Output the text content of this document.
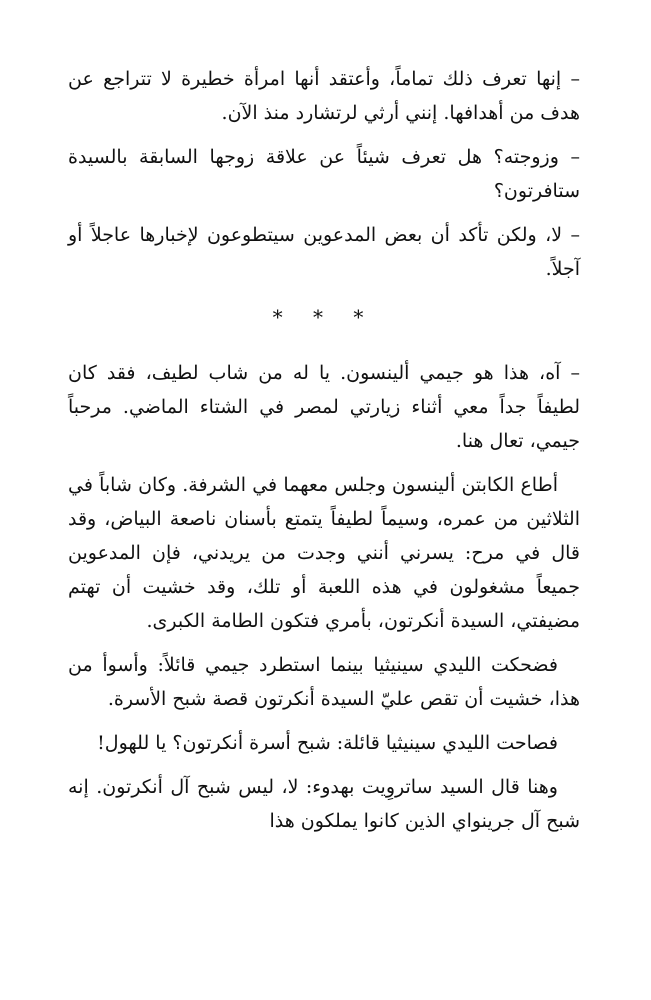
– إنها تعرف ذلك تماماً، وأعتقد أنها امرأة خطيرة لا تتراجع عن هدف من أهدافها. إنني أرثي لرتشارد منذ الآن.

– وزوجته؟ هل تعرف شيئاً عن علاقة زوجها السابقة بالسيدة ستافرتون؟

– لا، ولكن تأكد أن بعض المدعوين سيتطوعون لإخبارها عاجلاً أو آجلاً.

* * *

– آه، هذا هو جيمي ألينسون. يا له من شاب لطيف، فقد كان لطيفاً جداً معي أثناء زيارتي لمصر في الشتاء الماضي. مرحباً جيمي، تعال هنا.

أطاع الكابتن ألينسون وجلس معهما في الشرفة. وكان شاباً في الثلاثين من عمره، وسيماً لطيفاً يتمتع بأسنان ناصعة البياض، وقد قال في مرح: يسرني أنني وجدت من يريدني، فإن المدعوين جميعاً مشغولون في هذه اللعبة أو تلك، وقد خشيت أن تهتم مضيفتي، السيدة أنكرتون، بأمري فتكون الطامة الكبرى.

فضحكت الليدي سينيثيا بينما استطرد جيمي قائلاً: وأسوأ من هذا، خشيت أن تقص عليّ السيدة أنكرتون قصة شبح الأسرة.

فصاحت الليدي سينيثيا قائلة: شبح أسرة أنكرتون؟ يا للهول!

وهنا قال السيد ساتروِيت بهدوء: لا، ليس شبح آل أنكرتون. إنه شبح آل جرينواي الذين كانوا يملكون هذا
